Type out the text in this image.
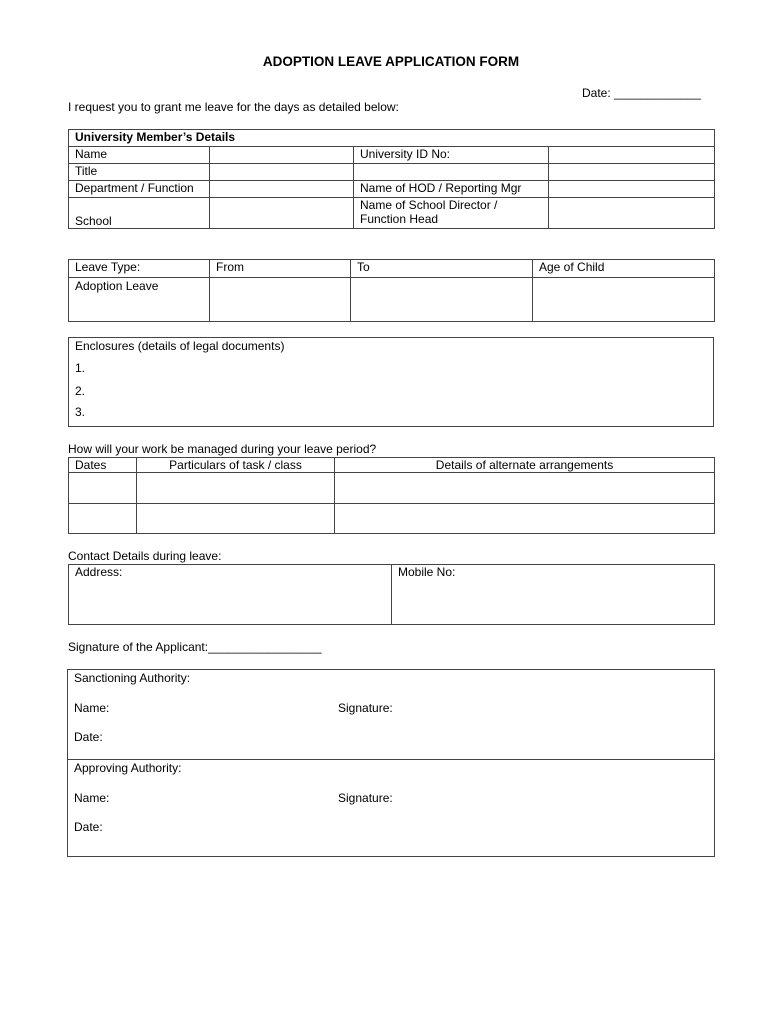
ADOPTION LEAVE APPLICATION FORM
Date: _____________
I request you to grant me leave for the days as detailed below:
University Member’s Details			
Name		University ID No:	
Title			
Department / Function		Name of HOD / Reporting Mgr	
School		Name of School Director /
Function Head	

Leave Type:	From	To	Age of Child
Adoption Leave			
Enclosures (details of legal documents)
1.
2.
3.
How will your work be managed during your leave period?
Dates	Particulars of task / class	Details of alternate arrangements

Contact Details during leave:
Address:	Mobile No:
Signature of the Applicant:_________________
Sanctioning Authority:
Name:	Signature:
Date:
Approving Authority:
Name:	Signature:
Date:
